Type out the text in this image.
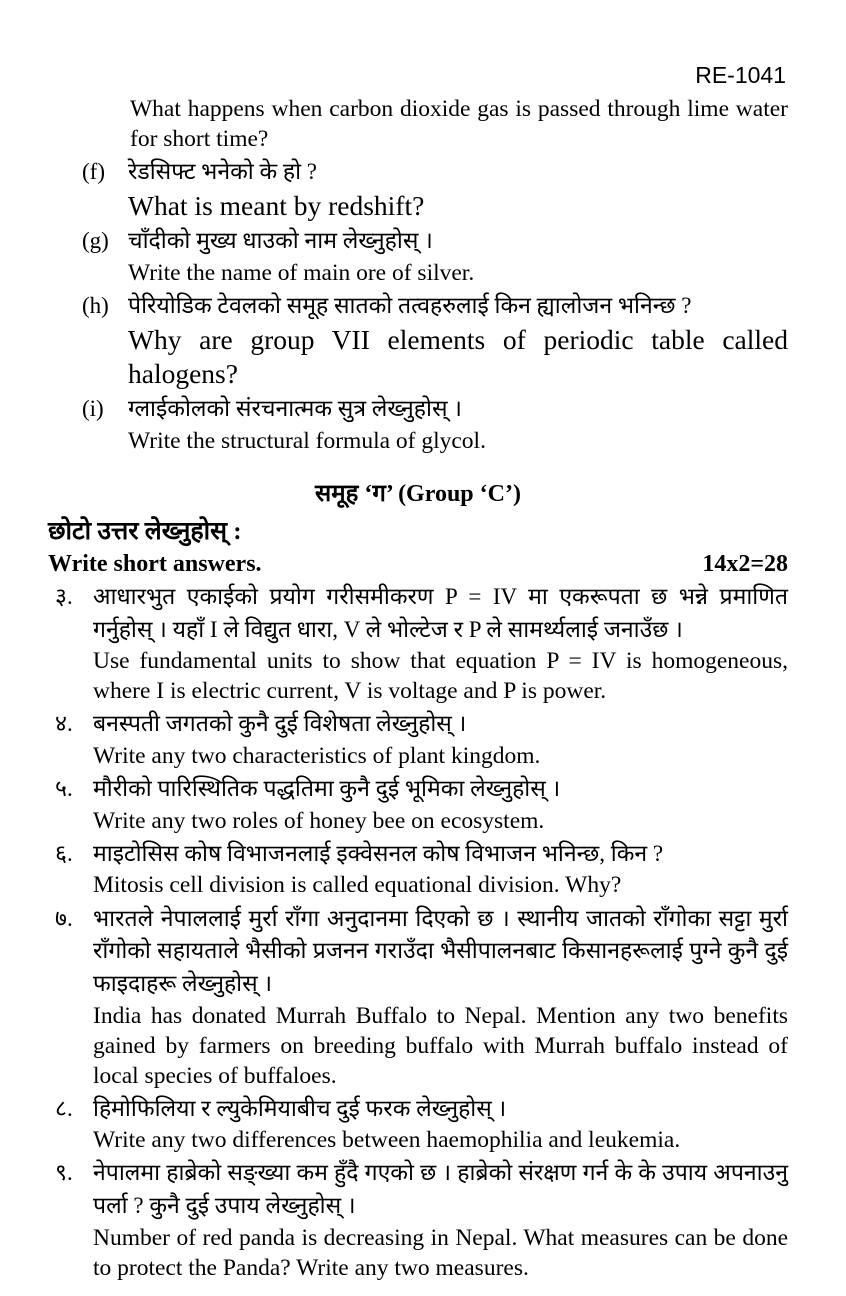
RE-1041

What happens when carbon dioxide gas is passed through lime water for short time?

(f)	रेडसिफ्ट भनेको के हो ?

What is meant by redshift?

(g) चाँदीको मुख्य धाउको नाम लेख्नुहोस् ।

Write the name of main ore of silver.

(h) पेरियोडिक टेवलको समूह सातको तत्वहरुलाई किन ह्यालोजन भनिन्छ ?

Why are group VII elements of periodic table called halogens?

(i)	ग्लाईकोलको संरचनात्मक सुत्र लेख्नुहोस् ।

Write the structural formula of glycol.

समूह ‘ग’ (Group ‘C’)

छोटो उत्तर लेख्नुहोस् :

Write short answers.	14x2=28
३. आधारभुत एकाईको प्रयोग गरीसमीकरण P = IV मा एकरूपता छ भन्ने प्रमाणित गर्नुहोस् । यहाँ I ले विद्युत धारा, V ले भोल्टेज र P ले सामर्थ्यलाई जनाउँछ ।

Use fundamental units to show that equation P = IV is homogeneous, where I is electric current, V is voltage and P is power.

४. बनस्पती जगतको कुनै दुई विशेषता लेख्नुहोस् ।

Write any two characteristics of plant kingdom.

५. मौरीको पारिस्थितिक पद्धतिमा कुनै दुई भूमिका लेख्नुहोस् ।

Write any two roles of honey bee on ecosystem.

६. माइटोसिस कोष विभाजनलाई इक्वेसनल कोष विभाजन भनिन्छ, किन ?

Mitosis cell division is called equational division. Why?

७. भारतले नेपाललाई मुर्रा राँगा अनुदानमा दिएको छ । स्थानीय जातको राँगोका सट्टा मुर्रा राँगोको सहायताले भैसीको प्रजनन गराउँदा भैसीपालनबाट किसानहरूलाई पुग्ने कुनै दुई फाइदाहरू लेख्नुहोस् ।

India has donated Murrah Buffalo to Nepal. Mention any two benefits gained by farmers on breeding buffalo with Murrah buffalo instead of local species of buffaloes.

८. हिमोफिलिया र ल्युकेमियाबीच दुई फरक लेख्नुहोस् ।

Write any two differences between haemophilia and leukemia.

९. नेपालमा हाब्रेको सङ्ख्या कम हुँदै गएको छ । हाब्रेको संरक्षण गर्न के के उपाय अपनाउनु पर्ला ? कुनै दुई उपाय लेख्नुहोस् ।

Number of red panda is decreasing in Nepal. What measures can be done to protect the Panda? Write any two measures.
